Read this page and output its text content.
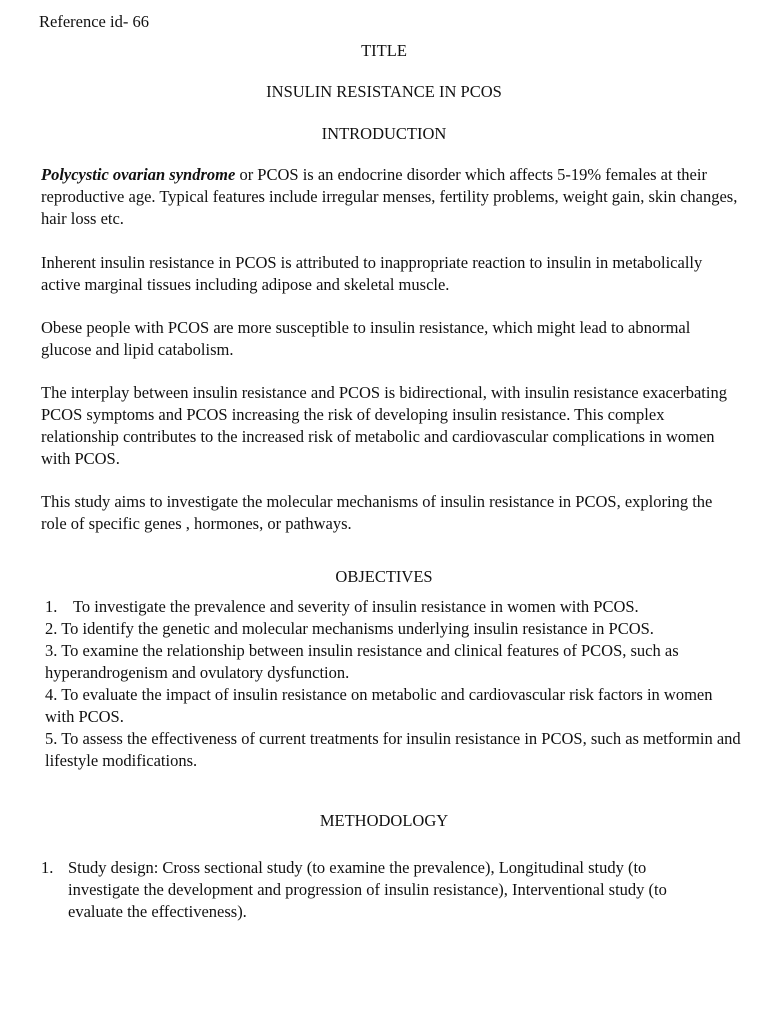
Reference id- 66
TITLE
INSULIN RESISTANCE IN PCOS
INTRODUCTION
Polycystic ovarian syndrome or PCOS is an endocrine disorder which affects 5-19% females at their reproductive age. Typical features include irregular menses, fertility problems, weight gain, skin changes, hair loss etc.
Inherent insulin resistance in PCOS is attributed to inappropriate reaction to insulin in metabolically active marginal tissues including adipose and skeletal muscle.
Obese people with PCOS are more susceptible to insulin resistance, which might lead to abnormal glucose and lipid catabolism.
The interplay between insulin resistance and PCOS is bidirectional, with insulin resistance exacerbating PCOS symptoms and PCOS increasing the risk of developing insulin resistance. This complex relationship contributes to the increased risk of metabolic and cardiovascular complications in women with PCOS.
This study aims to investigate the molecular mechanisms of insulin resistance in PCOS, exploring the role of specific genes , hormones, or pathways.
OBJECTIVES
1. To investigate the prevalence and severity of insulin resistance in women with PCOS.
2. To identify the genetic and molecular mechanisms underlying insulin resistance in PCOS.
3. To examine the relationship between insulin resistance and clinical features of PCOS, such as hyperandrogenism and ovulatory dysfunction.
4. To evaluate the impact of insulin resistance on metabolic and cardiovascular risk factors in women with PCOS.
5. To assess the effectiveness of current treatments for insulin resistance in PCOS, such as metformin and lifestyle modifications.
METHODOLOGY
1. Study design: Cross sectional study (to examine the prevalence), Longitudinal study (to investigate the development and progression of insulin resistance), Interventional study (to evaluate the effectiveness).
